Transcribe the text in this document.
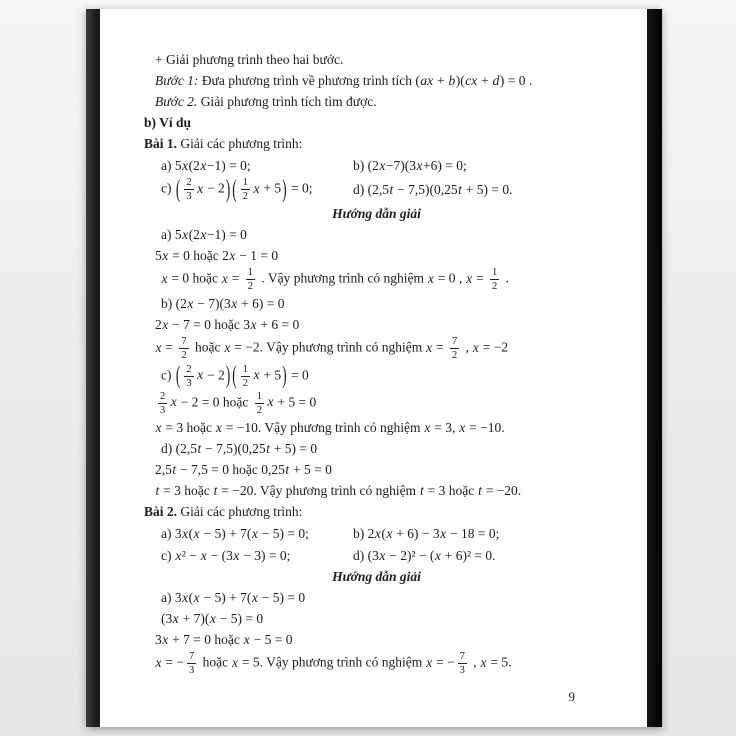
+ Giải phương trình theo hai bước.
Bước 1: Đưa phương trình về phương trình tích (ax + b)(cx + d) = 0 .
Bước 2. Giải phương trình tích tìm được.
b) Ví dụ
Bài 1. Giải các phương trình:
a) 5x(2x−1) = 0;	b) (2x−7)(3x+6) = 0;
c) ( $\frac{2}{3}$ x − 2) ( $\frac{1}{2}$ x + 5) = 0;	d) (2,5t − 7,5)(0,25t + 5) = 0.
Hướng dẫn giải
a) 5x(2x−1) = 0
5x = 0 hoặc 2x − 1 = 0
x = 0 hoặc $x = \frac{1}{2}$ . Vậy phương trình có nghiệm x = 0 , $x = \frac{1}{2}$ .
b) (2x − 7)(3x + 6) = 0
2x − 7 = 0 hoặc 3x + 6 = 0
$x = \frac{7}{2}$ hoặc x = −2. Vậy phương trình có nghiệm $x = \frac{7}{2}$ , x = −2
c) ( $\frac{2}{3}$ x − 2) ( $\frac{1}{2}$ x + 5) = 0
$\frac{2}{3}$ x − 2 = 0 hoặc $\frac{1}{2}$ x + 5 = 0
x = 3 hoặc x = −10. Vậy phương trình có nghiệm x = 3, x = −10.
d) (2,5t − 7,5)(0,25t + 5) = 0
2,5t − 7,5 = 0 hoặc 0,25t + 5 = 0
t = 3 hoặc t = −20. Vậy phương trình có nghiệm t = 3 hoặc t = −20.
Bài 2. Giải các phương trình:
a) 3x(x − 5) + 7(x − 5) = 0;	b) 2x(x + 6) − 3x − 18 = 0;
c) x² − x − (3x − 3) = 0;	d) (3x − 2)² − (x + 6)² = 0.
Hướng dẫn giải
a) 3x(x − 5) + 7(x − 5) = 0
(3x + 7)(x − 5) = 0
3x + 7 = 0 hoặc x − 5 = 0
x = − $\frac{7}{3}$ hoặc x = 5. Vậy phương trình có nghiệm x = − $\frac{7}{3}$ , x = 5.
9
